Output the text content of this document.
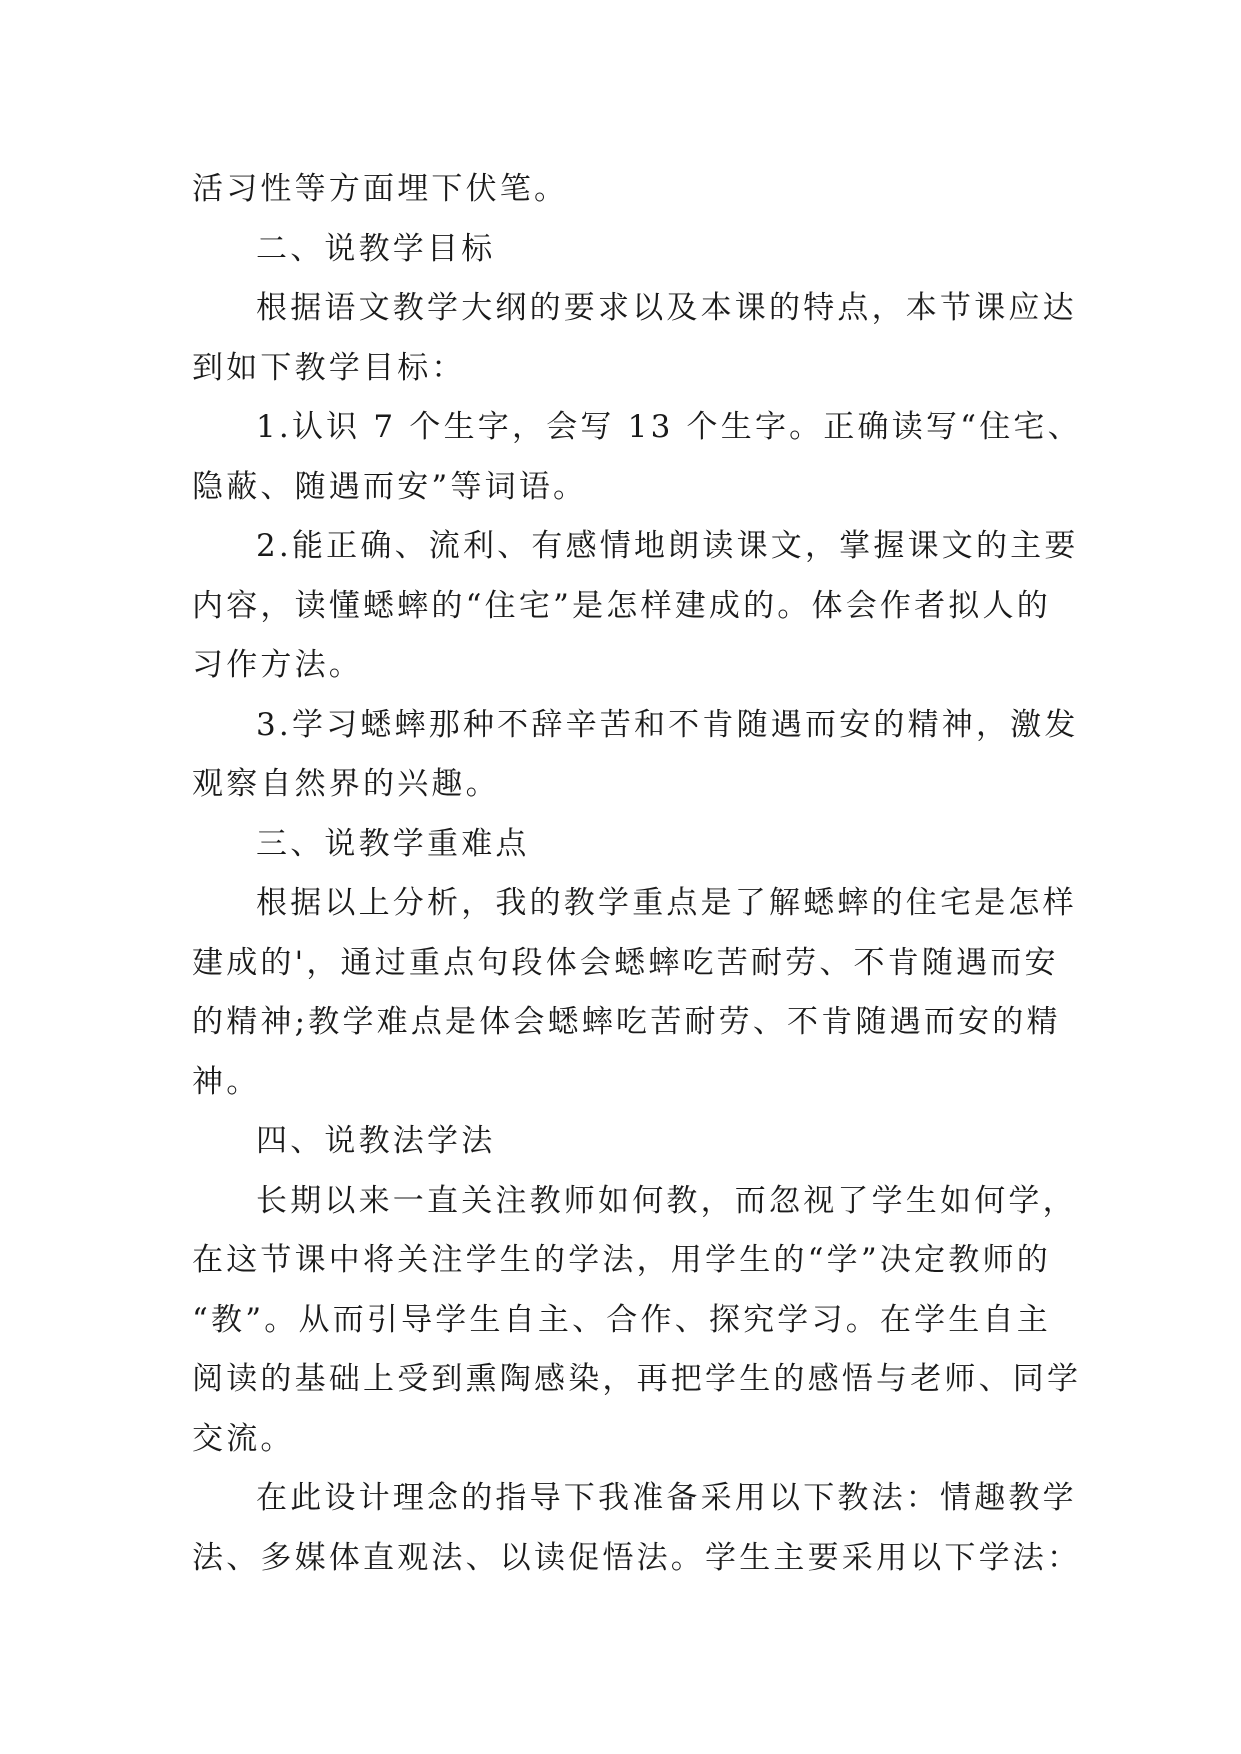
活习性等方面埋下伏笔。
二、说教学目标
根据语文教学大纲的要求以及本课的特点，本节课应达
到如下教学目标：
1.认识 7 个生字，会写 13 个生字。正确读写“住宅、
隐蔽、随遇而安”等词语。
2.能正确、流利、有感情地朗读课文，掌握课文的主要
内容，读懂蟋蟀的“住宅”是怎样建成的。体会作者拟人的
习作方法。
3.学习蟋蟀那种不辞辛苦和不肯随遇而安的精神，激发
观察自然界的兴趣。
三、说教学重难点
根据以上分析，我的教学重点是了解蟋蟀的住宅是怎样
建成的'，通过重点句段体会蟋蟀吃苦耐劳、不肯随遇而安
的精神;教学难点是体会蟋蟀吃苦耐劳、不肯随遇而安的精
神。
四、说教法学法
长期以来一直关注教师如何教，而忽视了学生如何学，
在这节课中将关注学生的学法，用学生的“学”决定教师的
“教”。从而引导学生自主、合作、探究学习。在学生自主
阅读的基础上受到熏陶感染，再把学生的感悟与老师、同学
交流。
在此设计理念的指导下我准备采用以下教法：情趣教学
法、多媒体直观法、以读促悟法。学生主要采用以下学法：
